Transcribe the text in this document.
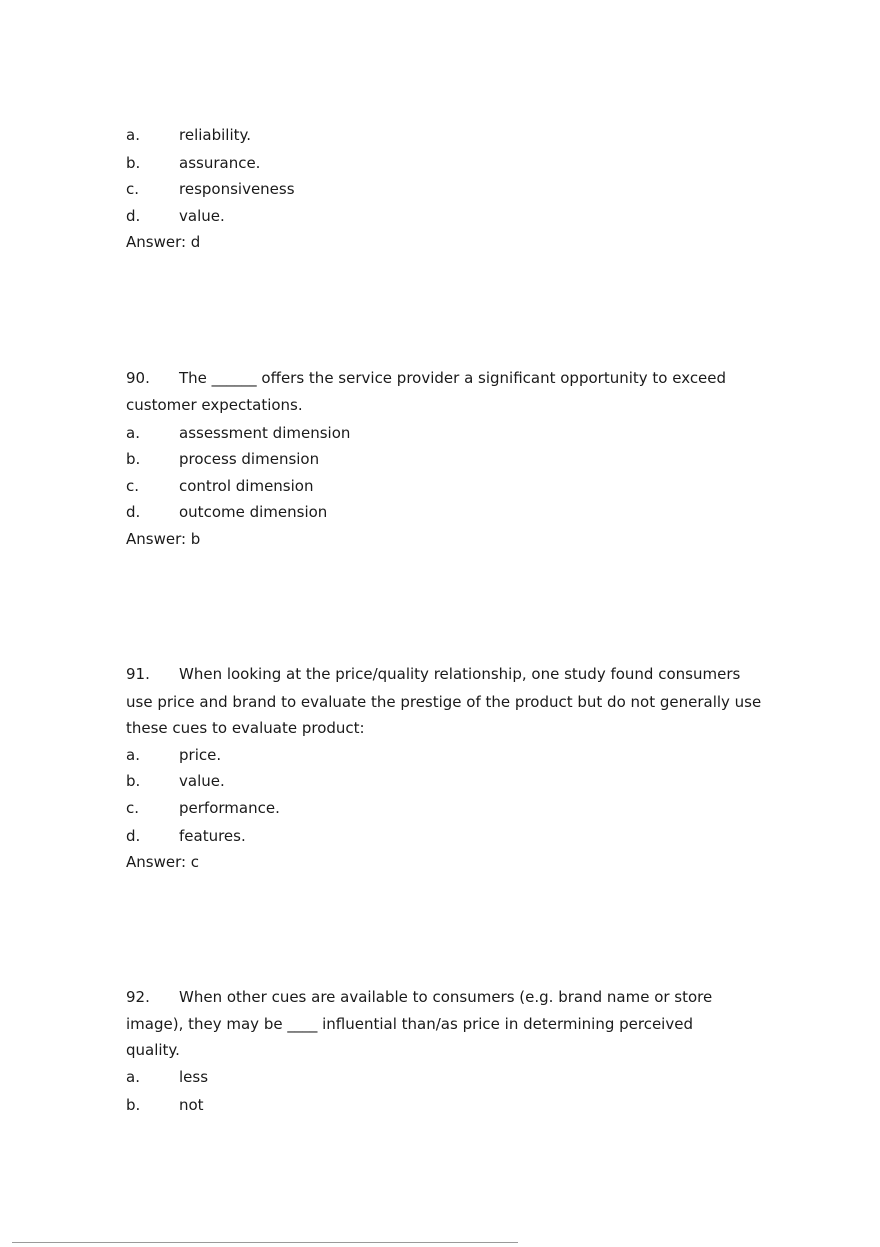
a.	reliability.
b.	assurance.
c.	responsiveness
d.	value.
Answer: d
90.	The ______ offers the service provider a significant opportunity to exceed
customer expectations.
a.	assessment dimension
b.	process dimension
c.	control dimension
d.	outcome dimension
Answer: b
91.	When looking at the price/quality relationship, one study found consumers
use price and brand to evaluate the prestige of the product but do not generally use
these cues to evaluate product:
a.	price.
b.	value.
c.	performance.
d.	features.
Answer: c
92.	When other cues are available to consumers (e.g. brand name or store
image), they may be ____ influential than/as price in determining perceived
quality.
a.	less
b.	not
